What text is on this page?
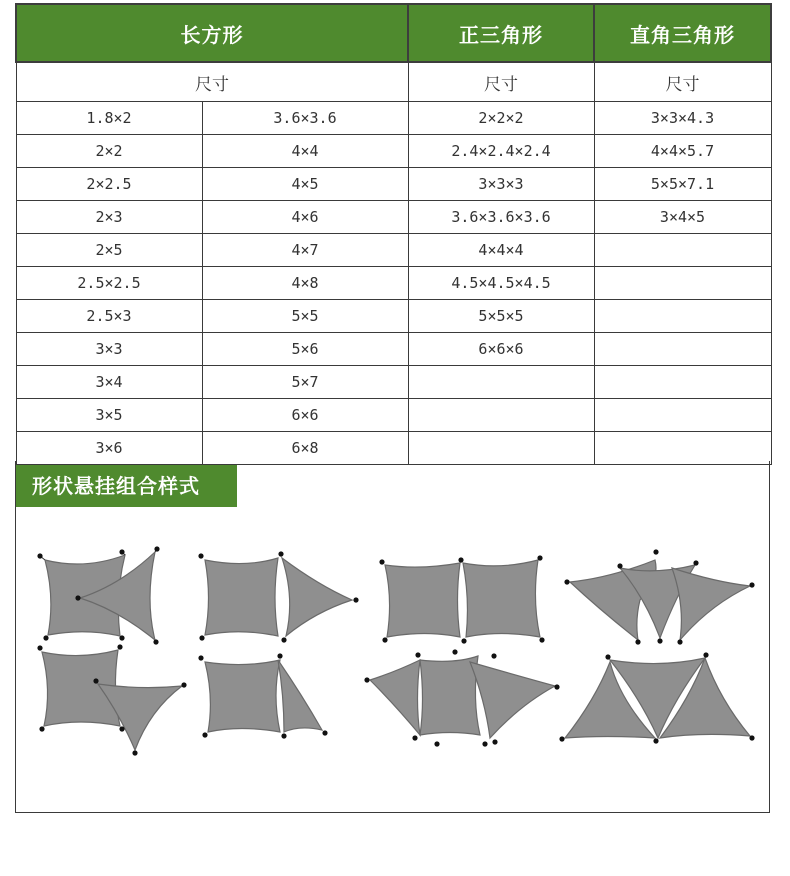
长方形		正三角形	直角三角形
尺寸		尺寸	尺寸
1.8×2	3.6×3.6	2×2×2	3×3×4.3
2×2	4×4	2.4×2.4×2.4	4×4×5.7
2×2.5	4×5	3×3×3	5×5×7.1
2×3	4×6	3.6×3.6×3.6	3×4×5
2×5	4×7	4×4×4	
2.5×2.5	4×8	4.5×4.5×4.5	
2.5×3	5×5	5×5×5	
3×3	5×6	6×6×6	
3×4	5×7		
3×5	6×6		
3×6	6×8		
形状悬挂组合样式
